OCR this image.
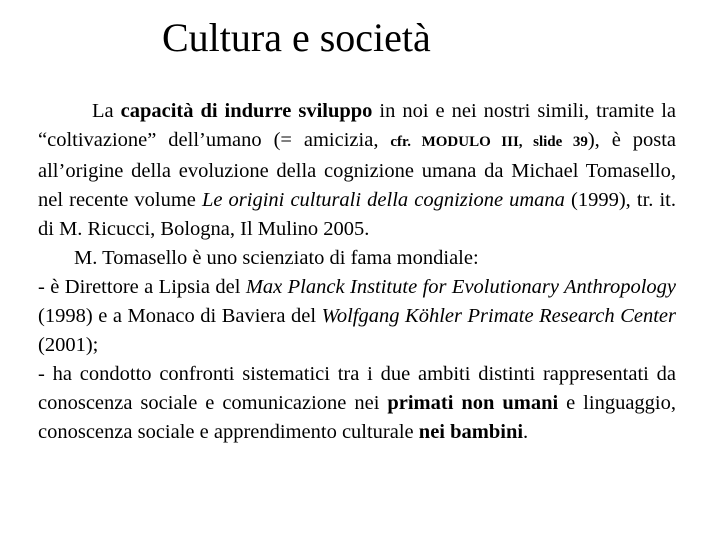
Cultura e società

La capacità di indurre sviluppo in noi e nei nostri simili, tramite la “coltivazione” dell’umano (= amicizia, cfr. MODULO III, slide 39), è posta all’origine della evoluzione della cognizione umana da Michael Tomasello, nel recente volume Le origini culturali della cognizione umana (1999), tr. it. di M. Ricucci, Bologna, Il Mulino 2005.

M. Tomasello è uno scienziato di fama mondiale:

- è Direttore a Lipsia del Max Planck Institute for Evolutionary Anthropology (1998) e a Monaco di Baviera del Wolfgang Köhler Primate Research Center (2001);

- ha condotto confronti sistematici tra i due ambiti distinti rappresentati da conoscenza sociale e comunicazione nei primati non umani e linguaggio, conoscenza sociale e apprendimento culturale nei bambini.
